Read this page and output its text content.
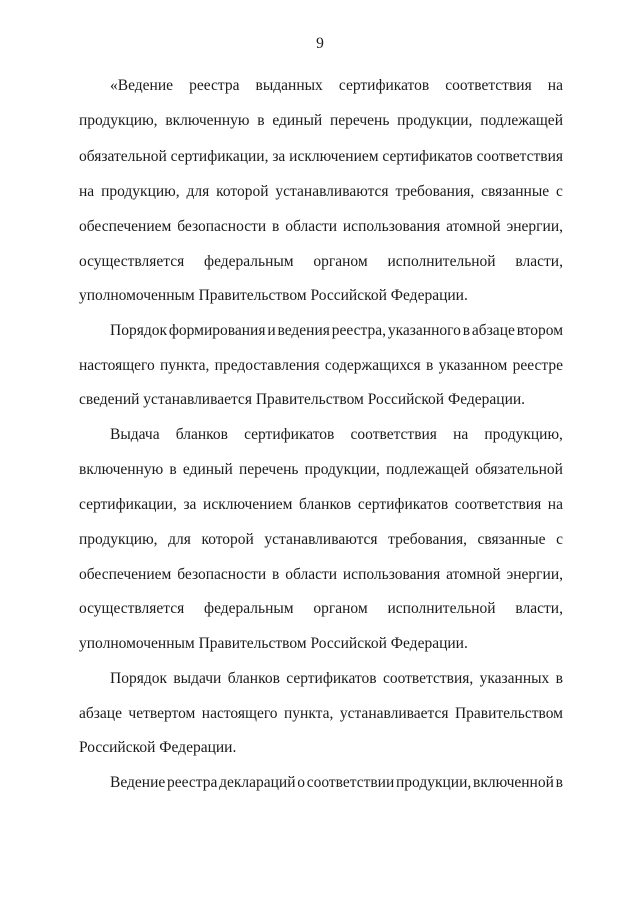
9
«Ведение реестра выданных сертификатов соответствия на
продукцию, включенную в единый перечень продукции, подлежащей
обязательной сертификации, за исключением сертификатов соответствия
на продукцию, для которой устанавливаются требования, связанные с
обеспечением безопасности в области использования атомной энергии,
осуществляется федеральным органом исполнительной власти,
уполномоченным Правительством Российской Федерации.
Порядок формирования и ведения реестра, указанного в абзаце втором
настоящего пункта, предоставления содержащихся в указанном реестре
сведений устанавливается Правительством Российской Федерации.
Выдача бланков сертификатов соответствия на продукцию,
включенную в единый перечень продукции, подлежащей обязательной
сертификации, за исключением бланков сертификатов соответствия на
продукцию, для которой устанавливаются требования, связанные с
обеспечением безопасности в области использования атомной энергии,
осуществляется федеральным органом исполнительной власти,
уполномоченным Правительством Российской Федерации.
Порядок выдачи бланков сертификатов соответствия, указанных в
абзаце четвертом настоящего пункта, устанавливается Правительством
Российской Федерации.
Ведение реестра деклараций о соответствии продукции, включенной в
